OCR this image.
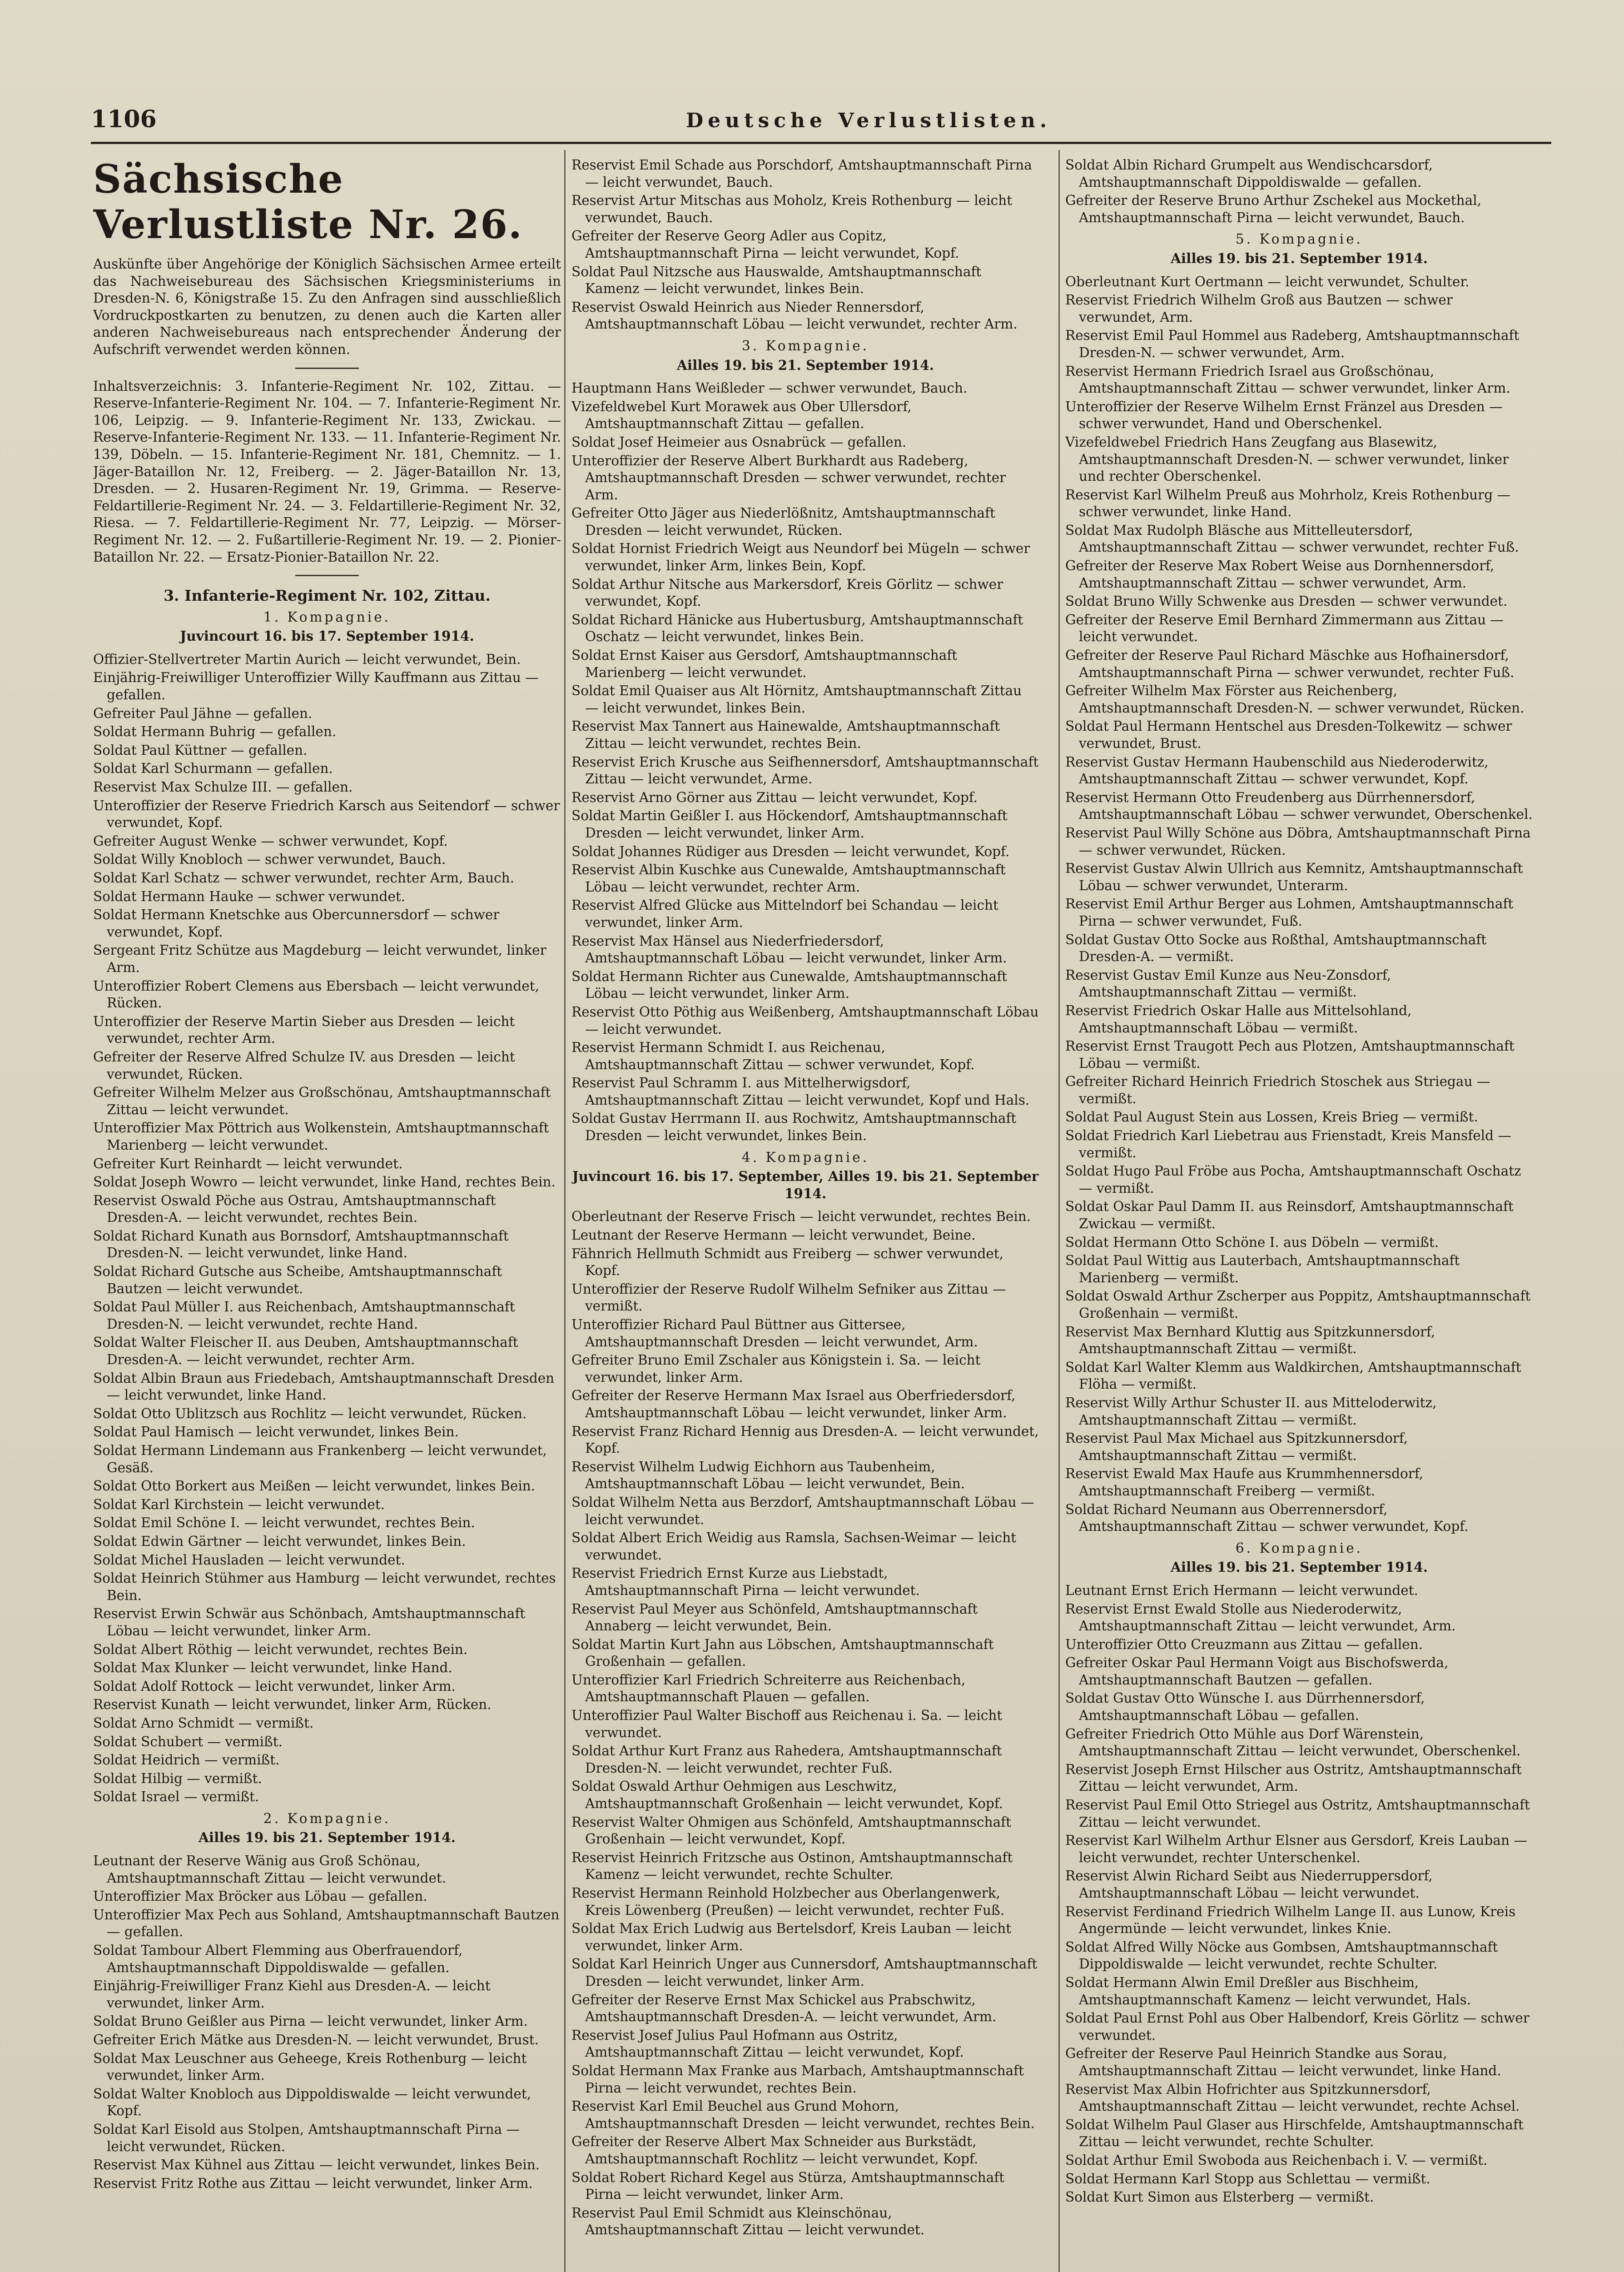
1106	Deutsche Verlustlisten.
Sächsische Verlustliste Nr. 26.

Auskünfte über Angehörige der Königlich Sächsischen Armee erteilt das Nachweisebureau des Sächsischen Kriegsministeriums in Dresden-N. 6, Königstraße 15. Zu den Anfragen sind ausschließlich Vordruckpostkarten zu benutzen, zu denen auch die Karten aller anderen Nachweisebureaus nach entsprechender Änderung der Aufschrift verwendet werden können.

Inhaltsverzeichnis: 3. Infanterie-Regiment Nr. 102, Zittau. — Reserve-Infanterie-Regiment Nr. 104. — 7. Infanterie-Regiment Nr. 106, Leipzig. — 9. Infanterie-Regiment Nr. 133, Zwickau. — Reserve-Infanterie-Regiment Nr. 133. — 11. Infanterie-Regiment Nr. 139, Döbeln. — 15. Infanterie-Regiment Nr. 181, Chemnitz. — 1. Jäger-Bataillon Nr. 12, Freiberg. — 2. Jäger-Bataillon Nr. 13, Dresden. — 2. Husaren-Regiment Nr. 19, Grimma. — Reserve-Feldartillerie-Regiment Nr. 24. — 3. Feldartillerie-Regiment Nr. 32, Riesa. — 7. Feldartillerie-Regiment Nr. 77, Leipzig. — Mörser-Regiment Nr. 12. — 2. Fußartillerie-Regiment Nr. 19. — 2. Pionier-Bataillon Nr. 22. — Ersatz-Pionier-Bataillon Nr. 22.

3. Infanterie-Regiment Nr. 102, Zittau.
1. Kompagnie.
Juvincourt 16. bis 17. September 1914.
Offizier-Stellvertreter Martin Aurich — leicht verwundet, Bein.
Einjährig-Freiwilliger Unteroffizier Willy Kauffmann aus Zittau — gefallen.
Gefreiter Paul Jähne — gefallen.
Soldat Hermann Buhrig — gefallen.
Soldat Paul Küttner — gefallen.
Soldat Karl Schurmann — gefallen.
Reservist Max Schulze III. — gefallen.
Unteroffizier der Reserve Friedrich Karsch aus Seitendorf — schwer verwundet, Kopf.
Gefreiter August Wenke — schwer verwundet, Kopf.
Soldat Willy Knobloch — schwer verwundet, Bauch.
Soldat Karl Schatz — schwer verwundet, rechter Arm, Bauch.
Soldat Hermann Hauke — schwer verwundet.
Soldat Hermann Knetschke aus Obercunnersdorf — schwer verwundet, Kopf.
Sergeant Fritz Schütze aus Magdeburg — leicht verwundet, linker Arm.
Unteroffizier Robert Clemens aus Ebersbach — leicht verwundet, Rücken.
Unteroffizier der Reserve Martin Sieber aus Dresden — leicht verwundet, rechter Arm.
Gefreiter der Reserve Alfred Schulze IV. aus Dresden — leicht verwundet, Rücken.
Gefreiter Wilhelm Melzer aus Großschönau, Amtshauptmannschaft Zittau — leicht verwundet.
Unteroffizier Max Pöttrich aus Wolkenstein, Amtshauptmannschaft Marienberg — leicht verwundet.
Gefreiter Kurt Reinhardt — leicht verwundet.
Soldat Joseph Wowro — leicht verwundet, linke Hand, rechtes Bein.
Reservist Oswald Pöche aus Ostrau, Amtshauptmannschaft Dresden-A. — leicht verwundet, rechtes Bein.
Soldat Richard Kunath aus Bornsdorf, Amtshauptmannschaft Dresden-N. — leicht verwundet, linke Hand.
Soldat Richard Gutsche aus Scheibe, Amtshauptmannschaft Bautzen — leicht verwundet.
Soldat Paul Müller I. aus Reichenbach, Amtshauptmannschaft Dresden-N. — leicht verwundet, rechte Hand.
Soldat Walter Fleischer II. aus Deuben, Amtshauptmannschaft Dresden-A. — leicht verwundet, rechter Arm.
Soldat Albin Braun aus Friedebach, Amtshauptmannschaft Dresden — leicht verwundet, linke Hand.
Soldat Otto Ublitzsch aus Rochlitz — leicht verwundet, Rücken.
Soldat Paul Hamisch — leicht verwundet, linkes Bein.
Soldat Hermann Lindemann aus Frankenberg — leicht verwundet, Gesäß.
Soldat Otto Borkert aus Meißen — leicht verwundet, linkes Bein.
Soldat Karl Kirchstein — leicht verwundet.
Soldat Emil Schöne I. — leicht verwundet, rechtes Bein.
Soldat Edwin Gärtner — leicht verwundet, linkes Bein.
Soldat Michel Hausladen — leicht verwundet.
Soldat Heinrich Stühmer aus Hamburg — leicht verwundet, rechtes Bein.
Reservist Erwin Schwär aus Schönbach, Amtshauptmannschaft Löbau — leicht verwundet, linker Arm.
Soldat Albert Röthig — leicht verwundet, rechtes Bein.
Soldat Max Klunker — leicht verwundet, linke Hand.
Soldat Adolf Rottock — leicht verwundet, linker Arm.
Reservist Kunath — leicht verwundet, linker Arm, Rücken.
Soldat Arno Schmidt — vermißt.
Soldat Schubert — vermißt.
Soldat Heidrich — vermißt.
Soldat Hilbig — vermißt.
Soldat Israel — vermißt.
2. Kompagnie.
Ailles 19. bis 21. September 1914.
Leutnant der Reserve Wänig aus Groß Schönau, Amtshauptmannschaft Zittau — leicht verwundet.
Unteroffizier Max Bröcker aus Löbau — gefallen.
Unteroffizier Max Pech aus Sohland, Amtshauptmannschaft Bautzen — gefallen.
Soldat Tambour Albert Flemming aus Oberfrauendorf, Amtshauptmannschaft Dippoldiswalde — gefallen.
Einjährig-Freiwilliger Franz Kiehl aus Dresden-A. — leicht verwundet, linker Arm.
Soldat Bruno Geißler aus Pirna — leicht verwundet, linker Arm.
Gefreiter Erich Mätke aus Dresden-N. — leicht verwundet, Brust.
Soldat Max Leuschner aus Geheege, Kreis Rothenburg — leicht verwundet, linker Arm.
Soldat Walter Knobloch aus Dippoldiswalde — leicht verwundet, Kopf.
Soldat Karl Eisold aus Stolpen, Amtshauptmannschaft Pirna — leicht verwundet, Rücken.
Reservist Max Kühnel aus Zittau — leicht verwundet, linkes Bein.
Reservist Fritz Rothe aus Zittau — leicht verwundet, linker Arm.
Reservist Emil Schade aus Porschdorf, Amtshauptmannschaft Pirna — leicht verwundet, Bauch.
Reservist Artur Mitschas aus Moholz, Kreis Rothenburg — leicht verwundet, Bauch.
Gefreiter der Reserve Georg Adler aus Copitz, Amtshauptmannschaft Pirna — leicht verwundet, Kopf.
Soldat Paul Nitzsche aus Hauswalde, Amtshauptmannschaft Kamenz — leicht verwundet, linkes Bein.
Reservist Oswald Heinrich aus Nieder Rennersdorf, Amtshauptmannschaft Löbau — leicht verwundet, rechter Arm.
3. Kompagnie.
Ailles 19. bis 21. September 1914.
Hauptmann Hans Weißleder — schwer verwundet, Bauch.
Vizefeldwebel Kurt Morawek aus Ober Ullersdorf, Amtshauptmannschaft Zittau — gefallen.
Soldat Josef Heimeier aus Osnabrück — gefallen.
Unteroffizier der Reserve Albert Burkhardt aus Radeberg, Amtshauptmannschaft Dresden — schwer verwundet, rechter Arm.
Gefreiter Otto Jäger aus Niederlößnitz, Amtshauptmannschaft Dresden — leicht verwundet, Rücken.
Soldat Hornist Friedrich Weigt aus Neundorf bei Mügeln — schwer verwundet, linker Arm, linkes Bein, Kopf.
Soldat Arthur Nitsche aus Markersdorf, Kreis Görlitz — schwer verwundet, Kopf.
Soldat Richard Hänicke aus Hubertusburg, Amtshauptmannschaft Oschatz — leicht verwundet, linkes Bein.
Soldat Ernst Kaiser aus Gersdorf, Amtshauptmannschaft Marienberg — leicht verwundet.
Soldat Emil Quaiser aus Alt Hörnitz, Amtshauptmannschaft Zittau — leicht verwundet, linkes Bein.
Reservist Max Tannert aus Hainewalde, Amtshauptmannschaft Zittau — leicht verwundet, rechtes Bein.
Reservist Erich Krusche aus Seifhennersdorf, Amtshauptmannschaft Zittau — leicht verwundet, Arme.
Reservist Arno Görner aus Zittau — leicht verwundet, Kopf.
Soldat Martin Geißler I. aus Höckendorf, Amtshauptmannschaft Dresden — leicht verwundet, linker Arm.
Soldat Johannes Rüdiger aus Dresden — leicht verwundet, Kopf.
Reservist Albin Kuschke aus Cunewalde, Amtshauptmannschaft Löbau — leicht verwundet, rechter Arm.
Reservist Alfred Glücke aus Mittelndorf bei Schandau — leicht verwundet, linker Arm.
Reservist Max Hänsel aus Niederfriedersdorf, Amtshauptmannschaft Löbau — leicht verwundet, linker Arm.
Soldat Hermann Richter aus Cunewalde, Amtshauptmannschaft Löbau — leicht verwundet, linker Arm.
Reservist Otto Pöthig aus Weißenberg, Amtshauptmannschaft Löbau — leicht verwundet.
Reservist Hermann Schmidt I. aus Reichenau, Amtshauptmannschaft Zittau — schwer verwundet, Kopf.
Reservist Paul Schramm I. aus Mittelherwigsdorf, Amtshauptmannschaft Zittau — leicht verwundet, Kopf und Hals.
Soldat Gustav Herrmann II. aus Rochwitz, Amtshauptmannschaft Dresden — leicht verwundet, linkes Bein.
4. Kompagnie.
Juvincourt 16. bis 17. September, Ailles 19. bis 21. September 1914.
Oberleutnant der Reserve Frisch — leicht verwundet, rechtes Bein.
Leutnant der Reserve Hermann — leicht verwundet, Beine.
Fähnrich Hellmuth Schmidt aus Freiberg — schwer verwundet, Kopf.
Unteroffizier der Reserve Rudolf Wilhelm Sefniker aus Zittau — vermißt.
Unteroffizier Richard Paul Büttner aus Gittersee, Amtshauptmannschaft Dresden — leicht verwundet, Arm.
Gefreiter Bruno Emil Zschaler aus Königstein i. Sa. — leicht verwundet, linker Arm.
Gefreiter der Reserve Hermann Max Israel aus Oberfriedersdorf, Amtshauptmannschaft Löbau — leicht verwundet, linker Arm.
Reservist Franz Richard Hennig aus Dresden-A. — leicht verwundet, Kopf.
Reservist Wilhelm Ludwig Eichhorn aus Taubenheim, Amtshauptmannschaft Löbau — leicht verwundet, Bein.
Soldat Wilhelm Netta aus Berzdorf, Amtshauptmannschaft Löbau — leicht verwundet.
Soldat Albert Erich Weidig aus Ramsla, Sachsen-Weimar — leicht verwundet.
Reservist Friedrich Ernst Kurze aus Liebstadt, Amtshauptmannschaft Pirna — leicht verwundet.
Reservist Paul Meyer aus Schönfeld, Amtshauptmannschaft Annaberg — leicht verwundet, Bein.
Soldat Martin Kurt Jahn aus Löbschen, Amtshauptmannschaft Großenhain — gefallen.
Unteroffizier Karl Friedrich Schreiterre aus Reichenbach, Amtshauptmannschaft Plauen — gefallen.
Unteroffizier Paul Walter Bischoff aus Reichenau i. Sa. — leicht verwundet.
Soldat Arthur Kurt Franz aus Rahedera, Amtshauptmannschaft Dresden-N. — leicht verwundet, rechter Fuß.
Soldat Oswald Arthur Oehmigen aus Leschwitz, Amtshauptmannschaft Großenhain — leicht verwundet, Kopf.
Reservist Walter Ohmigen aus Schönfeld, Amtshauptmannschaft Großenhain — leicht verwundet, Kopf.
Reservist Heinrich Fritzsche aus Ostinon, Amtshauptmannschaft Kamenz — leicht verwundet, rechte Schulter.
Reservist Hermann Reinhold Holzbecher aus Oberlangenwerk, Kreis Löwenberg (Preußen) — leicht verwundet, rechter Fuß.
Soldat Max Erich Ludwig aus Bertelsdorf, Kreis Lauban — leicht verwundet, linker Arm.
Soldat Karl Heinrich Unger aus Cunnersdorf, Amtshauptmannschaft Dresden — leicht verwundet, linker Arm.
Gefreiter der Reserve Ernst Max Schickel aus Prabschwitz, Amtshauptmannschaft Dresden-A. — leicht verwundet, Arm.
Reservist Josef Julius Paul Hofmann aus Ostritz, Amtshauptmannschaft Zittau — leicht verwundet, Kopf.
Soldat Hermann Max Franke aus Marbach, Amtshauptmannschaft Pirna — leicht verwundet, rechtes Bein.
Reservist Karl Emil Beuchel aus Grund Mohorn, Amtshauptmannschaft Dresden — leicht verwundet, rechtes Bein.
Gefreiter der Reserve Albert Max Schneider aus Burkstädt, Amtshauptmannschaft Rochlitz — leicht verwundet, Kopf.
Soldat Robert Richard Kegel aus Stürza, Amtshauptmannschaft Pirna — leicht verwundet, linker Arm.
Reservist Paul Emil Schmidt aus Kleinschönau, Amtshauptmannschaft Zittau — leicht verwundet.
Soldat Albin Richard Grumpelt aus Wendischcarsdorf, Amtshauptmannschaft Dippoldiswalde — gefallen.
Gefreiter der Reserve Bruno Arthur Zschekel aus Mockethal, Amtshauptmannschaft Pirna — leicht verwundet, Bauch.
5. Kompagnie.
Ailles 19. bis 21. September 1914.
Oberleutnant Kurt Oertmann — leicht verwundet, Schulter.
Reservist Friedrich Wilhelm Groß aus Bautzen — schwer verwundet, Arm.
Reservist Emil Paul Hommel aus Radeberg, Amtshauptmannschaft Dresden-N. — schwer verwundet, Arm.
Reservist Hermann Friedrich Israel aus Großschönau, Amtshauptmannschaft Zittau — schwer verwundet, linker Arm.
Unteroffizier der Reserve Wilhelm Ernst Fränzel aus Dresden — schwer verwundet, Hand und Oberschenkel.
Vizefeldwebel Friedrich Hans Zeugfang aus Blasewitz, Amtshauptmannschaft Dresden-N. — schwer verwundet, linker und rechter Oberschenkel.
Reservist Karl Wilhelm Preuß aus Mohrholz, Kreis Rothenburg — schwer verwundet, linke Hand.
Soldat Max Rudolph Bläsche aus Mittelleutersdorf, Amtshauptmannschaft Zittau — schwer verwundet, rechter Fuß.
Gefreiter der Reserve Max Robert Weise aus Dornhennersdorf, Amtshauptmannschaft Zittau — schwer verwundet, Arm.
Soldat Bruno Willy Schwenke aus Dresden — schwer verwundet.
Gefreiter der Reserve Emil Bernhard Zimmermann aus Zittau — leicht verwundet.
Gefreiter der Reserve Paul Richard Mäschke aus Hofhainersdorf, Amtshauptmannschaft Pirna — schwer verwundet, rechter Fuß.
Gefreiter Wilhelm Max Förster aus Reichenberg, Amtshauptmannschaft Dresden-N. — schwer verwundet, Rücken.
Soldat Paul Hermann Hentschel aus Dresden-Tolkewitz — schwer verwundet, Brust.
Reservist Gustav Hermann Haubenschild aus Niederoderwitz, Amtshauptmannschaft Zittau — schwer verwundet, Kopf.
Reservist Hermann Otto Freudenberg aus Dürrhennersdorf, Amtshauptmannschaft Löbau — schwer verwundet, Oberschenkel.
Reservist Paul Willy Schöne aus Döbra, Amtshauptmannschaft Pirna — schwer verwundet, Rücken.
Reservist Gustav Alwin Ullrich aus Kemnitz, Amtshauptmannschaft Löbau — schwer verwundet, Unterarm.
Reservist Emil Arthur Berger aus Lohmen, Amtshauptmannschaft Pirna — schwer verwundet, Fuß.
Soldat Gustav Otto Socke aus Roßthal, Amtshauptmannschaft Dresden-A. — vermißt.
Reservist Gustav Emil Kunze aus Neu-Zonsdorf, Amtshauptmannschaft Zittau — vermißt.
Reservist Friedrich Oskar Halle aus Mittelsohland, Amtshauptmannschaft Löbau — vermißt.
Reservist Ernst Traugott Pech aus Plotzen, Amtshauptmannschaft Löbau — vermißt.
Gefreiter Richard Heinrich Friedrich Stoschek aus Striegau — vermißt.
Soldat Paul August Stein aus Lossen, Kreis Brieg — vermißt.
Soldat Friedrich Karl Liebetrau aus Frienstadt, Kreis Mansfeld — vermißt.
Soldat Hugo Paul Fröbe aus Pocha, Amtshauptmannschaft Oschatz — vermißt.
Soldat Oskar Paul Damm II. aus Reinsdorf, Amtshauptmannschaft Zwickau — vermißt.
Soldat Hermann Otto Schöne I. aus Döbeln — vermißt.
Soldat Paul Wittig aus Lauterbach, Amtshauptmannschaft Marienberg — vermißt.
Soldat Oswald Arthur Zscherper aus Poppitz, Amtshauptmannschaft Großenhain — vermißt.
Reservist Max Bernhard Kluttig aus Spitzkunnersdorf, Amtshauptmannschaft Zittau — vermißt.
Soldat Karl Walter Klemm aus Waldkirchen, Amtshauptmannschaft Flöha — vermißt.
Reservist Willy Arthur Schuster II. aus Mitteloderwitz, Amtshauptmannschaft Zittau — vermißt.
Reservist Paul Max Michael aus Spitzkunnersdorf, Amtshauptmannschaft Zittau — vermißt.
Reservist Ewald Max Haufe aus Krummhennersdorf, Amtshauptmannschaft Freiberg — vermißt.
Soldat Richard Neumann aus Oberrennersdorf, Amtshauptmannschaft Zittau — schwer verwundet, Kopf.
6. Kompagnie.
Ailles 19. bis 21. September 1914.
Leutnant Ernst Erich Hermann — leicht verwundet.
Reservist Ernst Ewald Stolle aus Niederoderwitz, Amtshauptmannschaft Zittau — leicht verwundet, Arm.
Unteroffizier Otto Creuzmann aus Zittau — gefallen.
Gefreiter Oskar Paul Hermann Voigt aus Bischofswerda, Amtshauptmannschaft Bautzen — gefallen.
Soldat Gustav Otto Wünsche I. aus Dürrhennersdorf, Amtshauptmannschaft Löbau — gefallen.
Gefreiter Friedrich Otto Mühle aus Dorf Wärenstein, Amtshauptmannschaft Zittau — leicht verwundet, Oberschenkel.
Reservist Joseph Ernst Hilscher aus Ostritz, Amtshauptmannschaft Zittau — leicht verwundet, Arm.
Reservist Paul Emil Otto Striegel aus Ostritz, Amtshauptmannschaft Zittau — leicht verwundet.
Reservist Karl Wilhelm Arthur Elsner aus Gersdorf, Kreis Lauban — leicht verwundet, rechter Unterschenkel.
Reservist Alwin Richard Seibt aus Niederruppersdorf, Amtshauptmannschaft Löbau — leicht verwundet.
Reservist Ferdinand Friedrich Wilhelm Lange II. aus Lunow, Kreis Angermünde — leicht verwundet, linkes Knie.
Soldat Alfred Willy Nöcke aus Gombsen, Amtshauptmannschaft Dippoldiswalde — leicht verwundet, rechte Schulter.
Soldat Hermann Alwin Emil Dreßler aus Bischheim, Amtshauptmannschaft Kamenz — leicht verwundet, Hals.
Soldat Paul Ernst Pohl aus Ober Halbendorf, Kreis Görlitz — schwer verwundet.
Gefreiter der Reserve Paul Heinrich Standke aus Sorau, Amtshauptmannschaft Zittau — leicht verwundet, linke Hand.
Reservist Max Albin Hofrichter aus Spitzkunnersdorf, Amtshauptmannschaft Zittau — leicht verwundet, rechte Achsel.
Soldat Wilhelm Paul Glaser aus Hirschfelde, Amtshauptmannschaft Zittau — leicht verwundet, rechte Schulter.
Soldat Arthur Emil Swoboda aus Reichenbach i. V. — vermißt.
Soldat Hermann Karl Stopp aus Schlettau — vermißt.
Soldat Kurt Simon aus Elsterberg — vermißt.
